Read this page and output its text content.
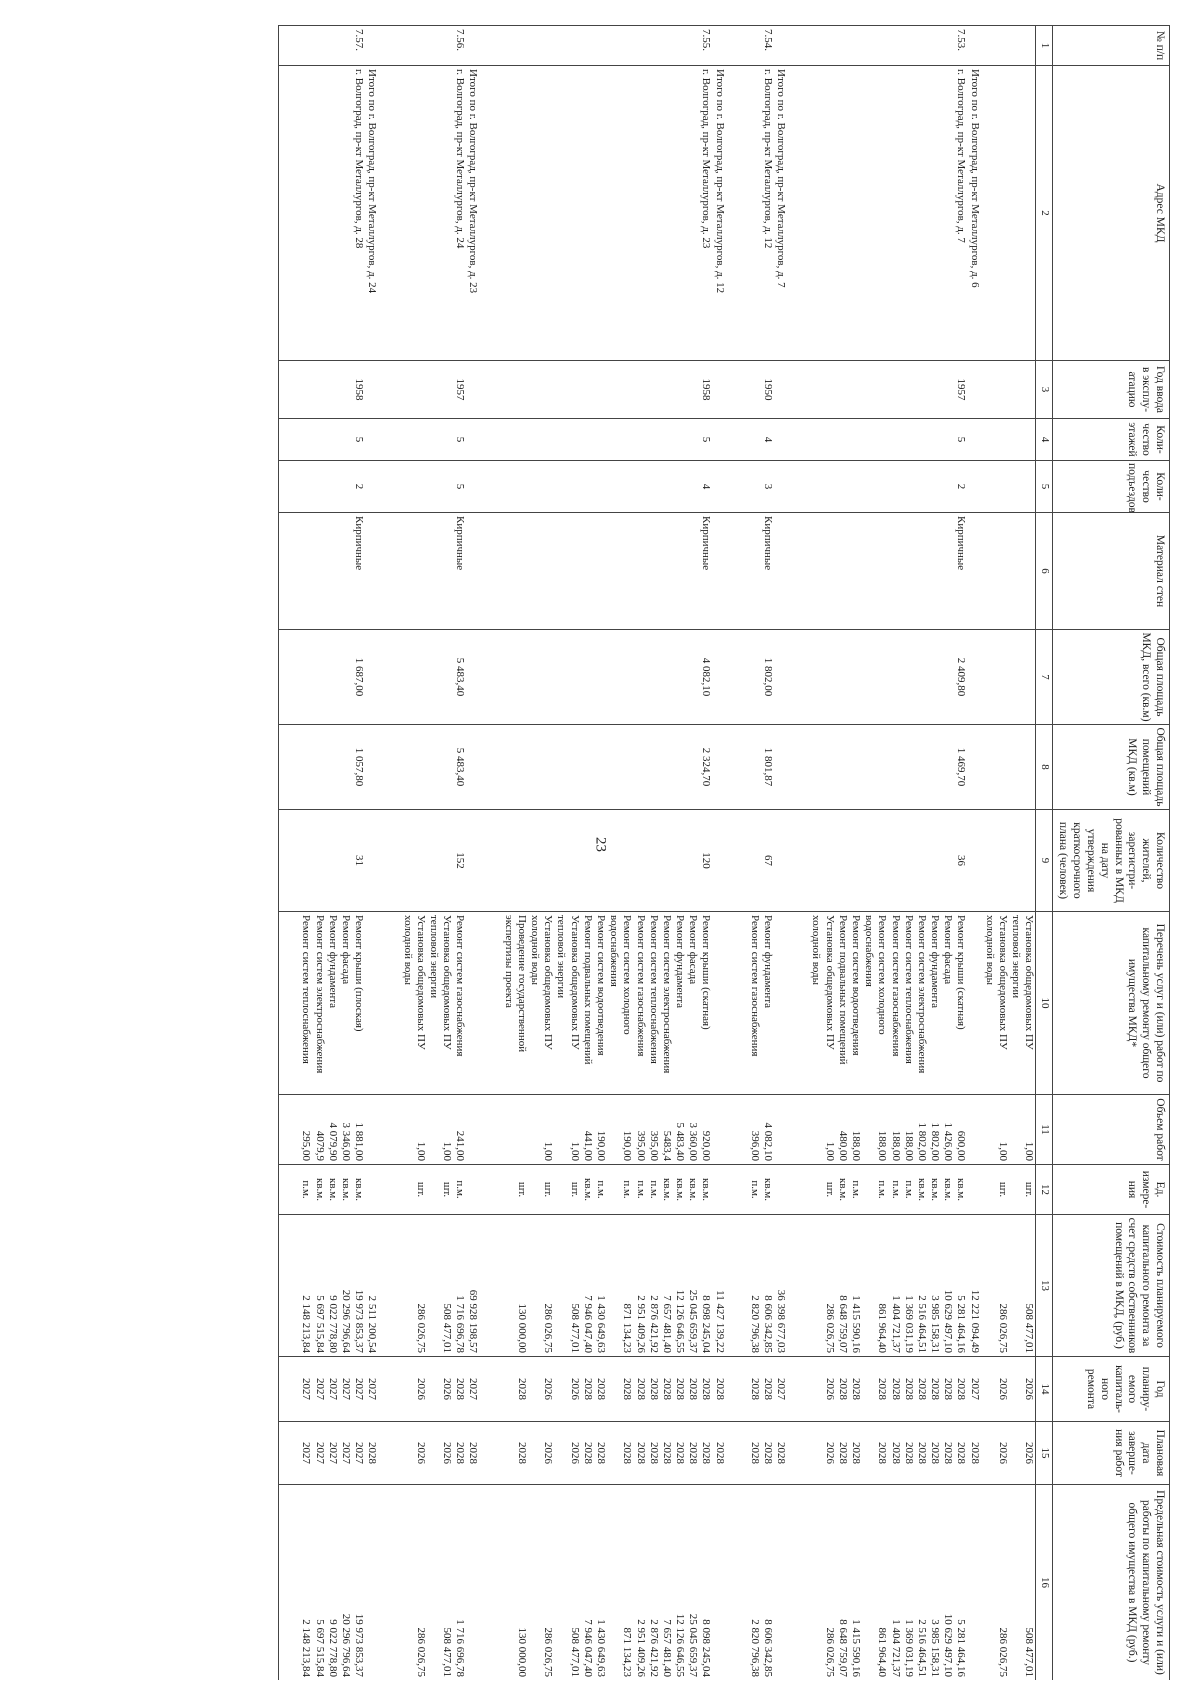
23
№ п/п	Адрес МКД	Год ввода в эксплу-атацию	Коли-чество этажей	Коли-чество подъездов	Материал стен	Общая площадь МКД, всего (кв.м)	Общая площадь помещений МКД (кв.м)	Количество жителей, зарегистри-рованных в МКД на дату утверждения краткосрочного плана (человек)	Перечень услуг и (или) работ по капитальному ремонту общего имущества МКД*	Объем работ	Ед. измере-ния	Стоимость планируемого капитального ремонта за счет средств собственников помещений в МКД, (руб.)	Год планиру-емого капиталь-ного ремонта	Плановая дата заверше-ния работ	Предельная стоимость услуги и (или) работы по капитальному ремонту общего имущества в МКД (руб.)
1	2	3	4	5	6	7	8	9	10	11	12	13	14	15	16
									Установка общедомовых ПУ тепловой энергии	1,00	шт.	508 477,01	2026	2026	508 477,01
									Установка общедомовых ПУ холодной воды	1,00	шт.	286 026,75	2026	2026	286 026,75
	Итого по г. Волгоград, пр-кт Металлургов, д. 6											12 221 094,49	2027	2028	
7.53.	г. Волгоград, пр-кт Металлургов, д. 7	1957	5	2	Кирпичные	2 409,80	1 469,70	36	Ремонт крыши (скатная)	600,00	кв.м.	5 281 464,16	2028	2028	5 281 464,16
									Ремонт фасада	1 426,00	кв.м.	10 629 497,10	2028	2028	10 629 497,10
									Ремонт фундамента	1 802,00	кв.м.	3 985 158,31	2028	2028	3 985 158,31
									Ремонт систем электроснабжения	1 802,00	кв.м.	2 516 464,51	2028	2028	2 516 464,51
									Ремонт систем теплоснабжения	188,00	п.м.	1 369 031,19	2028	2028	1 369 031,19
									Ремонт систем газоснабжения	188,00	п.м.	1 404 721,37	2028	2028	1 404 721,37
									Ремонт систем холодного водоснабжения	188,00	п.м.	861 964,40	2028	2028	861 964,40
									Ремонт систем водоотведения	188,00	п.м.	1 415 590,16	2028	2028	1 415 590,16
									Ремонт подвальных помещений	480,00	кв.м.	8 648 759,07	2028	2028	8 648 759,07
									Установка общедомовых ПУ холодной воды	1,00	шт.	286 026,75	2026	2026	286 026,75
	Итого по г. Волгоград, пр-кт Металлургов, д. 7											36 398 677,03	2027	2028	
7.54.	г. Волгоград, пр-кт Металлургов, д. 12	1950	4	3	Кирпичные	1 802,00	1 801,87	67	Ремонт фундамента	4 082,10	кв.м.	8 606 342,85	2028	2028	8 606 342,85
									Ремонт систем газоснабжения	396,00	п.м.	2 820 796,38	2028	2028	2 820 796,38
	Итого по г. Волгоград, пр-кт Металлургов, д. 12											11 427 139,22	2028	2028	
7.55.	г. Волгоград, пр-кт Металлургов, д. 23	1958	5	4	Кирпичные	4 082,10	2 324,70	120	Ремонт крыши (скатная)	920,00	кв.м.	8 098 245,04	2028	2028	8 098 245,04
									Ремонт фасада	3 360,00	кв.м.	25 045 659,37	2028	2028	25 045 659,37
									Ремонт фундамента	5 483,40	кв.м.	12 126 646,55	2028	2028	12 126 646,55
									Ремонт систем электроснабжения	5483,4	кв.м.	7 657 481,40	2028	2028	7 657 481,40
									Ремонт систем теплоснабжения	395,00	п.м.	2 876 421,92	2028	2028	2 876 421,92
									Ремонт систем газоснабжения	395,00	п.м.	2 951 409,26	2028	2028	2 951 409,26
									Ремонт систем холодного водоснабжения	190,00	п.м.	871 134,23	2028	2028	871 134,23
									Ремонт систем водоотведения	190,00	п.м.	1 430 649,63	2028	2028	1 430 649,63
									Ремонт подвальных помещений	441,00	кв.м.	7 946 047,40	2028	2028	7 946 047,40
									Установка общедомовых ПУ тепловой энергии	1,00	шт.	508 477,01	2026	2026	508 477,01
									Установка общедомовых ПУ холодной воды	1,00	шт.	286 026,75	2026	2026	286 026,75
									Проведение государственной экспертизы проекта		шт.	130 000,00	2028	2028	130 000,00
	Итого по г. Волгоград, пр-кт Металлургов, д. 23											69 928 198,57	2027	2028	
7.56.	г. Волгоград, пр-кт Металлургов, д. 24	1957	5	5	Кирпичные	5 483,40	5 483,40	152	Ремонт систем газоснабжения	241,00	п.м.	1 716 696,78	2028	2028	1 716 696,78
									Установка общедомовых ПУ тепловой энергии	1,00	шт.	508 477,01	2026	2026	508 477,01
									Установка общедомовых ПУ холодной воды	1,00	шт.	286 026,75	2026	2026	286 026,75
	Итого по г. Волгоград, пр-кт Металлургов, д. 24											2 511 200,54	2027	2028	
7.57.	г. Волгоград, пр-кт Металлургов, д. 28	1958	5	2	Кирпичные	1 687,00	1 057,80	31	Ремонт крыши (плоская)	1 881,00	кв.м.	19 973 853,37	2027	2027	19 973 853,37
									Ремонт фасада	3 346,00	кв.м.	20 296 796,64	2027	2027	20 296 796,64
									Ремонт фундамента	4 079,90	кв.м.	9 022 778,80	2027	2027	9 022 778,80
									Ремонт систем электроснабжения	4079,9	кв.м.	5 697 515,84	2027	2027	5 697 515,84
									Ремонт систем теплоснабжения	295,00	п.м.	2 148 213,84	2027	2027	2 148 213,84
